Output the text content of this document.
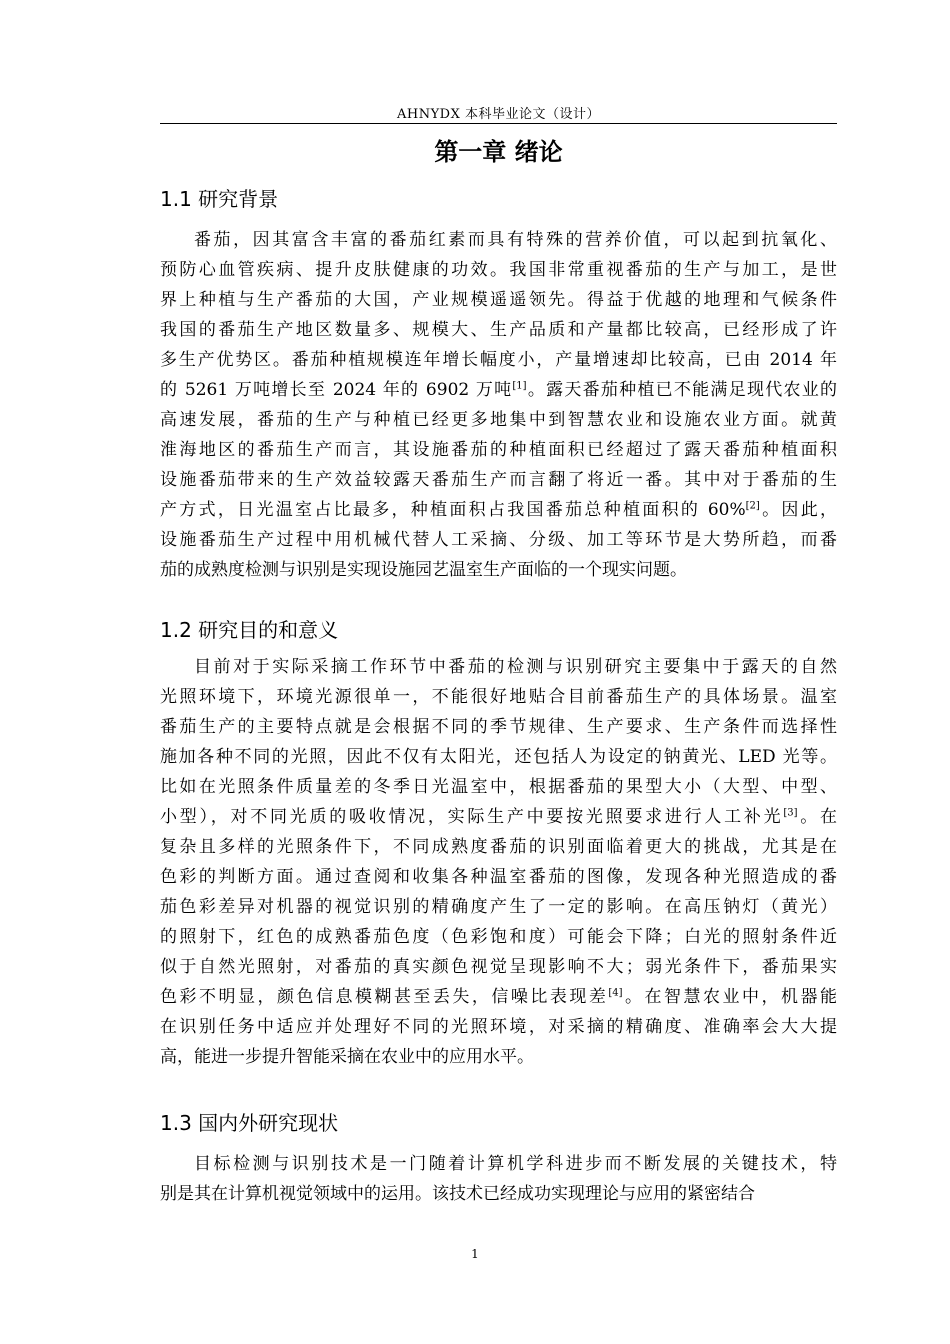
AHNYDX 本科毕业论文（设计）
第一章 绪论
1.1 研究背景
番茄，因其富含丰富的番茄红素而具有特殊的营养价值，可以起到抗氧化、
预防心血管疾病、提升皮肤健康的功效。我国非常重视番茄的生产与加工，是世
界上种植与生产番茄的大国，产业规模遥遥领先。得益于优越的地理和气候条件
我国的番茄生产地区数量多、规模大、生产品质和产量都比较高，已经形成了许
多生产优势区。番茄种植规模连年增长幅度小，产量增速却比较高，已由 2014 年
的 5261 万吨增长至 2024 年的 6902 万吨[1]。露天番茄种植已不能满足现代农业的
高速发展，番茄的生产与种植已经更多地集中到智慧农业和设施农业方面。就黄
淮海地区的番茄生产而言，其设施番茄的种植面积已经超过了露天番茄种植面积
设施番茄带来的生产效益较露天番茄生产而言翻了将近一番。其中对于番茄的生
产方式，日光温室占比最多，种植面积占我国番茄总种植面积的 60%[2]。因此，
设施番茄生产过程中用机械代替人工采摘、分级、加工等环节是大势所趋，而番
茄的成熟度检测与识别是实现设施园艺温室生产面临的一个现实问题。
1.2 研究目的和意义
目前对于实际采摘工作环节中番茄的检测与识别研究主要集中于露天的自然
光照环境下，环境光源很单一，不能很好地贴合目前番茄生产的具体场景。温室
番茄生产的主要特点就是会根据不同的季节规律、生产要求、生产条件而选择性
施加各种不同的光照，因此不仅有太阳光，还包括人为设定的钠黄光、LED 光等。
比如在光照条件质量差的冬季日光温室中，根据番茄的果型大小（大型、中型、
小型），对不同光质的吸收情况，实际生产中要按光照要求进行人工补光[3]。在
复杂且多样的光照条件下，不同成熟度番茄的识别面临着更大的挑战，尤其是在
色彩的判断方面。通过查阅和收集各种温室番茄的图像，发现各种光照造成的番
茄色彩差异对机器的视觉识别的精确度产生了一定的影响。在高压钠灯（黄光）
的照射下，红色的成熟番茄色度（色彩饱和度）可能会下降；白光的照射条件近
似于自然光照射，对番茄的真实颜色视觉呈现影响不大；弱光条件下，番茄果实
色彩不明显，颜色信息模糊甚至丢失，信噪比表现差[4]。在智慧农业中，机器能
在识别任务中适应并处理好不同的光照环境，对采摘的精确度、准确率会大大提
高，能进一步提升智能采摘在农业中的应用水平。
1.3 国内外研究现状
目标检测与识别技术是一门随着计算机学科进步而不断发展的关键技术，特
别是其在计算机视觉领域中的运用。该技术已经成功实现理论与应用的紧密结合
1
